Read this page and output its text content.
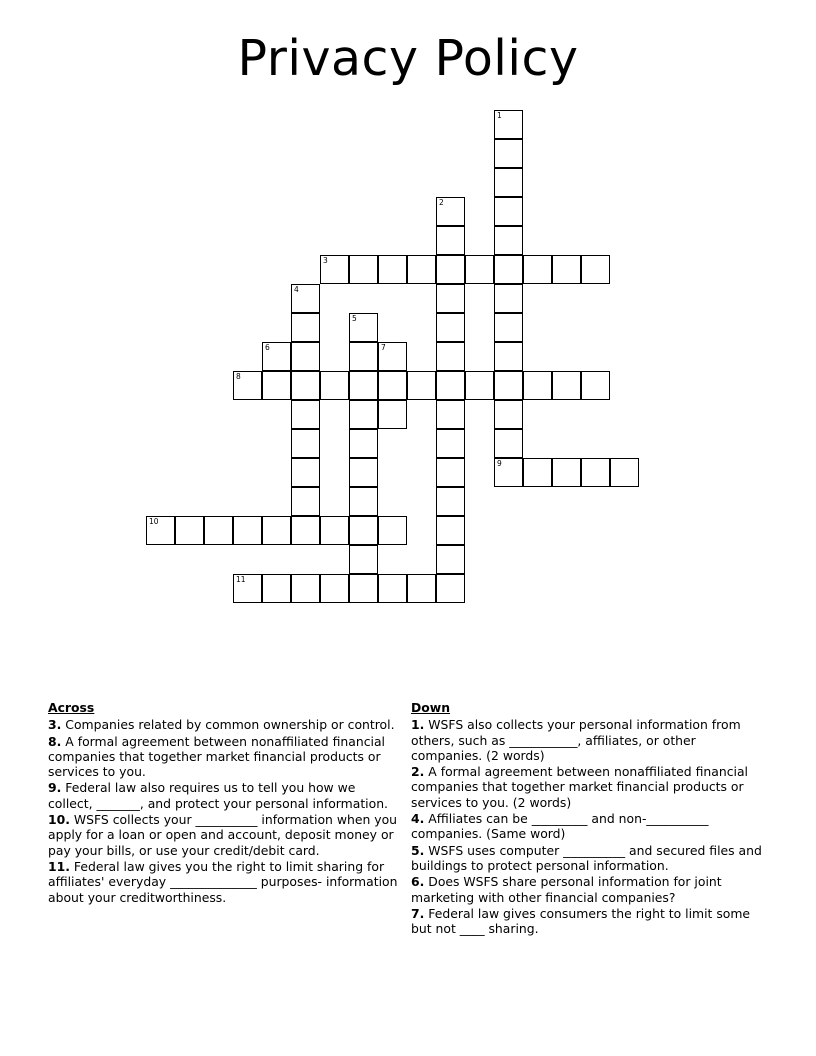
Privacy Policy
1
2
3
4
5
6	7
8
9
10
11
Across
3. Companies related by common ownership or control.
8. A formal agreement between nonaffiliated financial companies that together market financial products or services to you.
9. Federal law also requires us to tell you how we collect, _______, and protect your personal information.
10. WSFS collects your __________ information when you apply for a loan or open and account, deposit money or pay your bills, or use your credit/debit card.
11. Federal law gives you the right to limit sharing for affiliates' everyday ______________ purposes- information about your creditworthiness.
Down
1. WSFS also collects your personal information from others, such as ___________, affiliates, or other companies. (2 words)
2. A formal agreement between nonaffiliated financial companies that together market financial products or services to you. (2 words)
4. Affiliates can be _________ and non-__________ companies. (Same word)
5. WSFS uses computer __________ and secured files and buildings to protect personal information.
6. Does WSFS share personal information for joint marketing with other financial companies?
7. Federal law gives consumers the right to limit some but not ____ sharing.
